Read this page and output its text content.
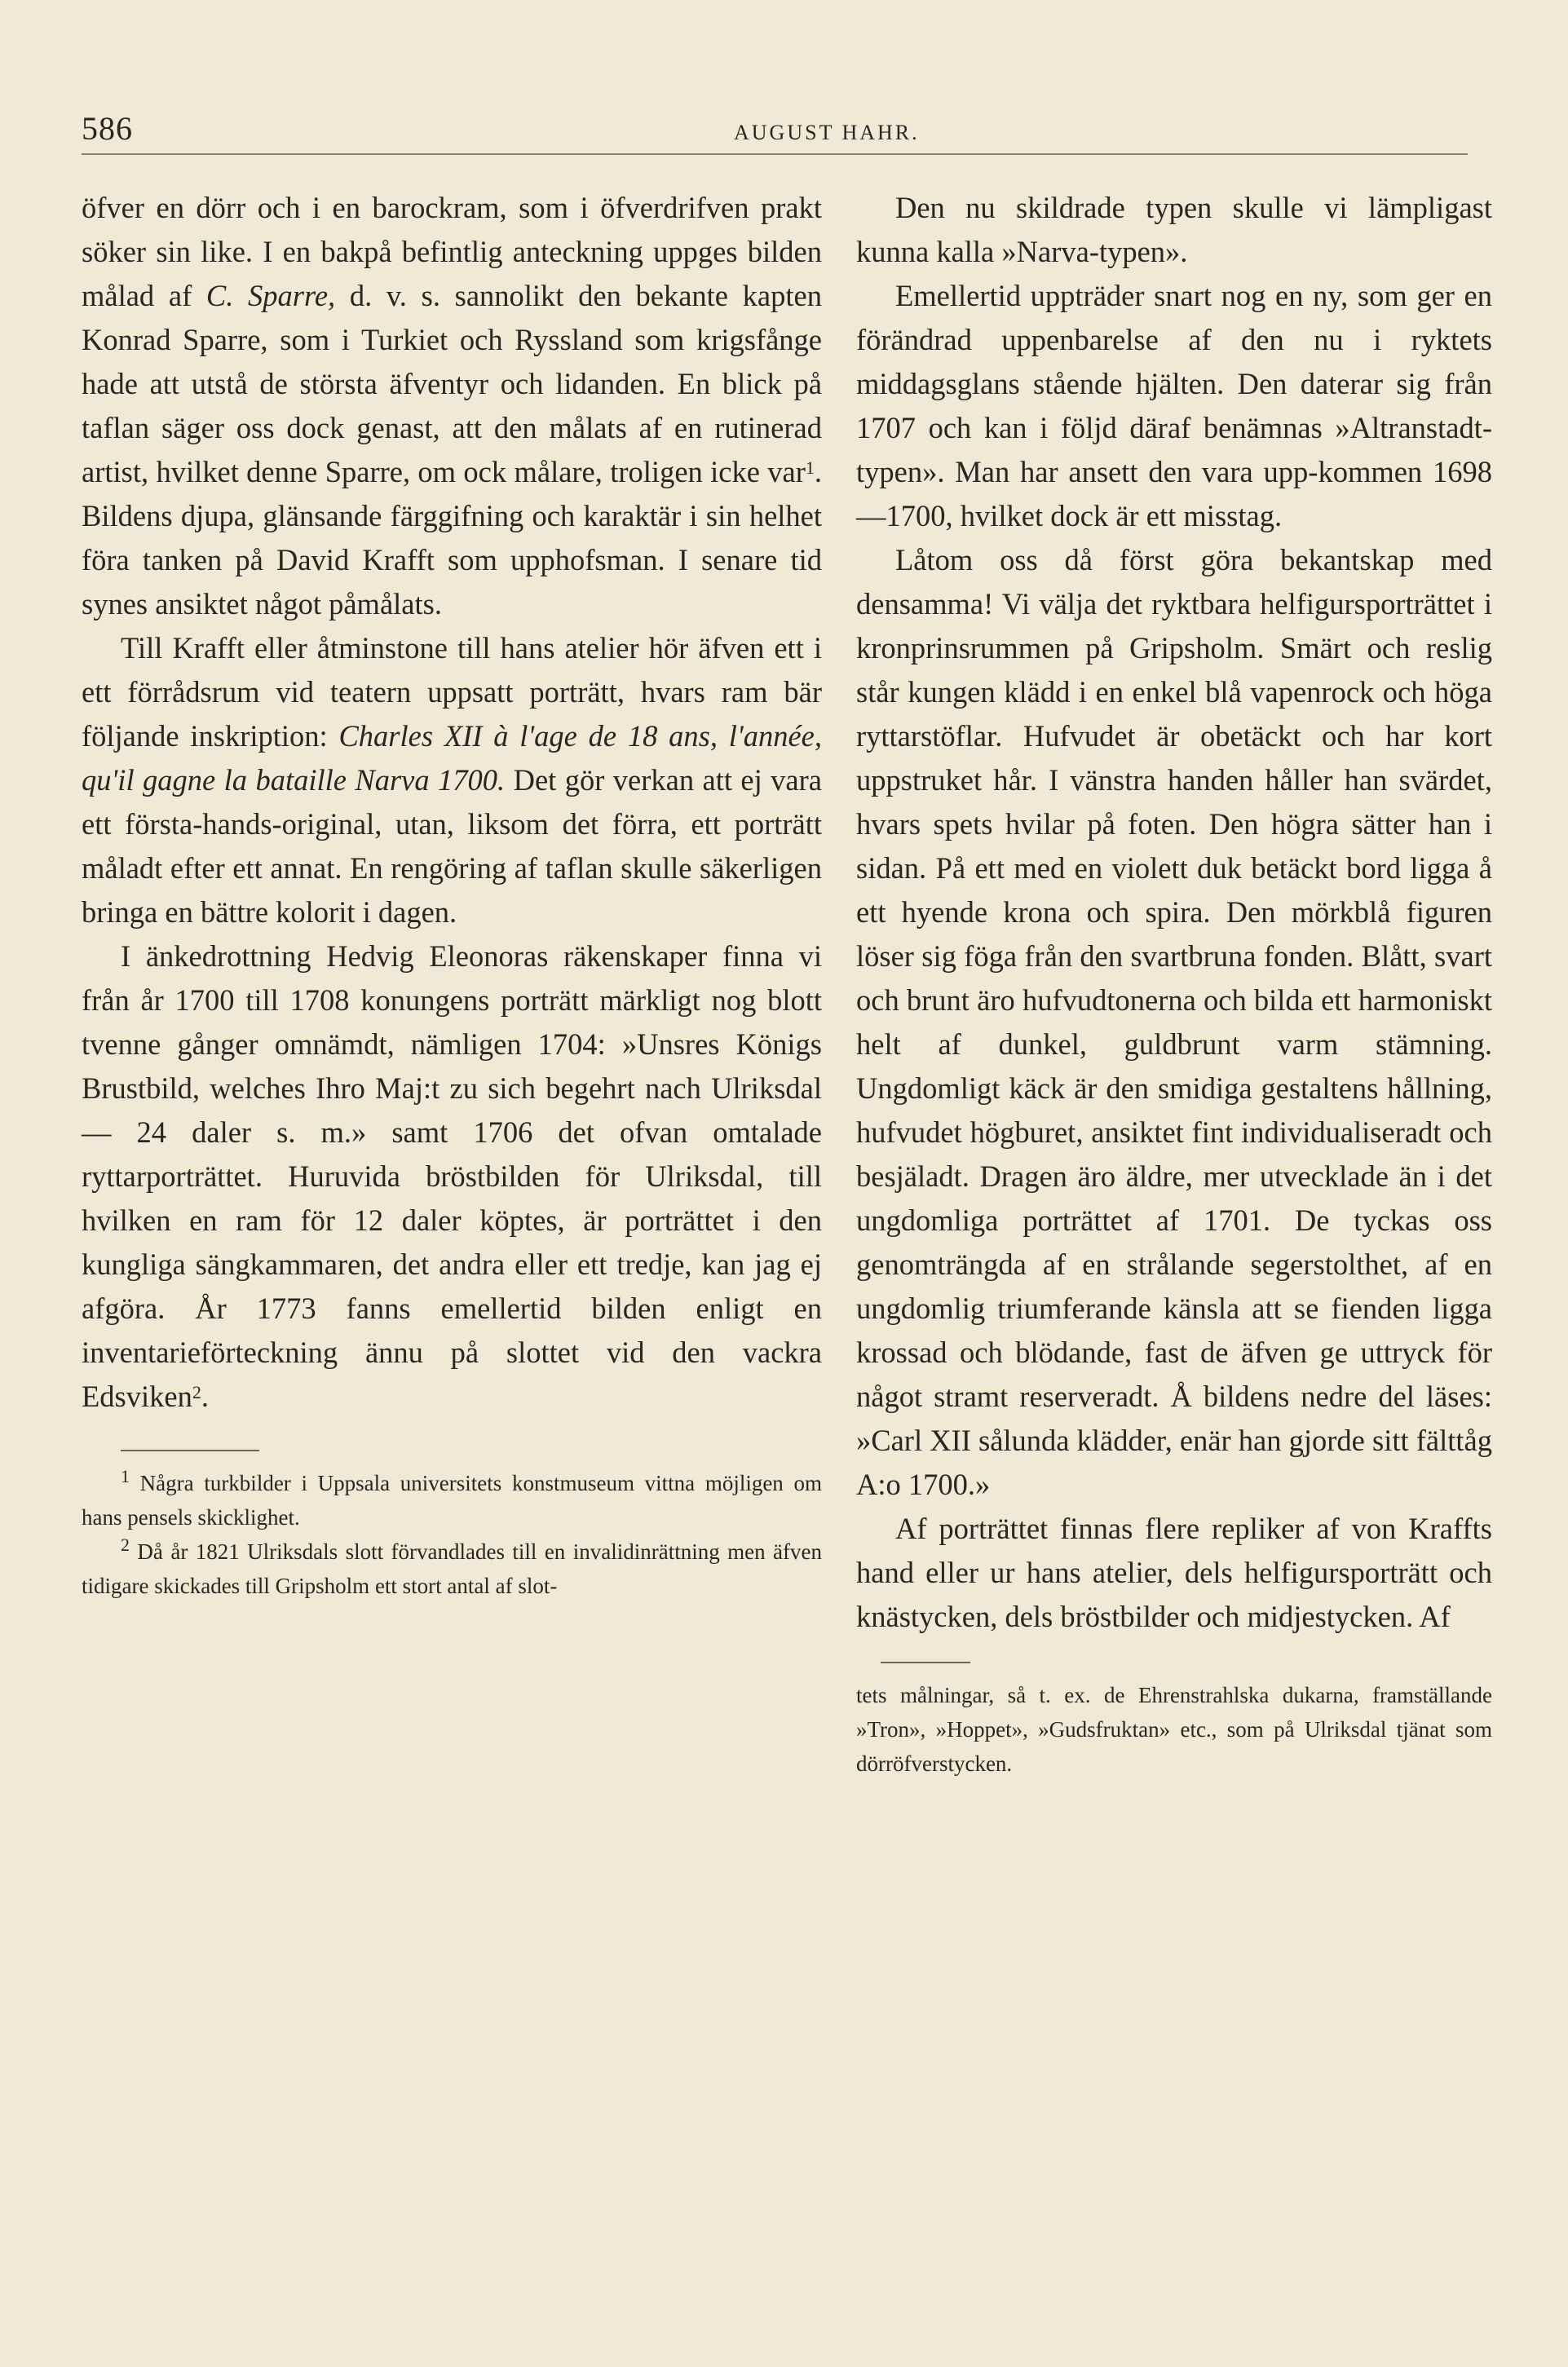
586	AUGUST HAHR.

öfver en dörr och i en barockram, som i öfverdrifven prakt söker sin like. I en bakpå befintlig anteckning uppges bilden målad af C. Sparre, d. v. s. sannolikt den bekante kapten Konrad Sparre, som i Turkiet och Ryssland som krigsfånge hade att utstå de största äfventyr och lidanden. En blick på taflan säger oss dock genast, att den målats af en rutinerad artist, hvilket denne Sparre, om ock målare, troligen icke var$^1$. Bildens djupa, glänsande färggifning och karaktär i sin helhet föra tanken på David Krafft som upphofsman. I senare tid synes ansiktet något påmålats.

Till Krafft eller åtminstone till hans atelier hör äfven ett i ett förrådsrum vid teatern uppsatt porträtt, hvars ram bär följande inskription: Charles XII à l'age de 18 ans, l'année, qu'il gagne la bataille Narva 1700. Det gör verkan att ej vara ett första-hands-original, utan, liksom det förra, ett porträtt måladt efter ett annat. En rengöring af taflan skulle säkerligen bringa en bättre kolorit i dagen.

I änkedrottning Hedvig Eleonoras räkenskaper finna vi från år 1700 till 1708 konungens porträtt märkligt nog blott tvenne gånger omnämdt, nämligen 1704: »Unsres Königs Brustbild, welches Ihro Maj:t zu sich begehrt nach Ulriksdal — 24 daler s. m.» samt 1706 det ofvan omtalade ryttarporträttet. Huruvida bröstbilden för Ulriksdal, till hvilken en ram för 12 daler köptes, är porträttet i den kungliga sängkammaren, det andra eller ett tredje, kan jag ej afgöra. År 1773 fanns emellertid bilden enligt en inventarieförteckning ännu på slottet vid den vackra Edsviken$^2$.

$^1$ Några turkbilder i Uppsala universitets konstmuseum vittna möjligen om hans pensels skicklighet.

$^2$ Då år 1821 Ulriksdals slott förvandlades till en invalidinrättning men äfven tidigare skickades till Gripsholm ett stort antal af slot-

Den nu skildrade typen skulle vi lämpligast kunna kalla »Narva-typen».

Emellertid uppträder snart nog en ny, som ger en förändrad uppenbarelse af den nu i ryktets middagsglans stående hjälten. Den daterar sig från 1707 och kan i följd däraf benämnas »Altranstadt-typen». Man har ansett den vara upp-kommen 1698—1700, hvilket dock är ett misstag.

Låtom oss då först göra bekantskap med densamma! Vi välja det ryktbara helfigursporträttet i kronprinsrummen på Gripsholm. Smärt och reslig står kungen klädd i en enkel blå vapenrock och höga ryttarstöflar. Hufvudet är obetäckt och har kort uppstruket hår. I vänstra handen håller han svärdet, hvars spets hvilar på foten. Den högra sätter han i sidan. På ett med en violett duk betäckt bord ligga å ett hyende krona och spira. Den mörkblå figuren löser sig föga från den svartbruna fonden. Blått, svart och brunt äro hufvudtonerna och bilda ett harmoniskt helt af dunkel, guldbrunt varm stämning. Ungdomligt käck är den smidiga gestaltens hållning, hufvudet högburet, ansiktet fint individualiseradt och besjäladt. Dragen äro äldre, mer utvecklade än i det ungdomliga porträttet af 1701. De tyckas oss genomträngda af en strålande segerstolthet, af en ungdomlig triumferande känsla att se fienden ligga krossad och blödande, fast de äfven ge uttryck för något stramt reserveradt. Å bildens nedre del läses: »Carl XII sålunda klädder, enär han gjorde sitt fälttåg A:o 1700.»

Af porträttet finnas flere repliker af von Kraffts hand eller ur hans atelier, dels helfigursporträtt och knästycken, dels bröstbilder och midjestycken. Af

tets målningar, så t. ex. de Ehrenstrahlska dukarna, framställande »Tron», »Hoppet», »Gudsfruktan» etc., som på Ulriksdal tjänat som dörröfverstycken.
